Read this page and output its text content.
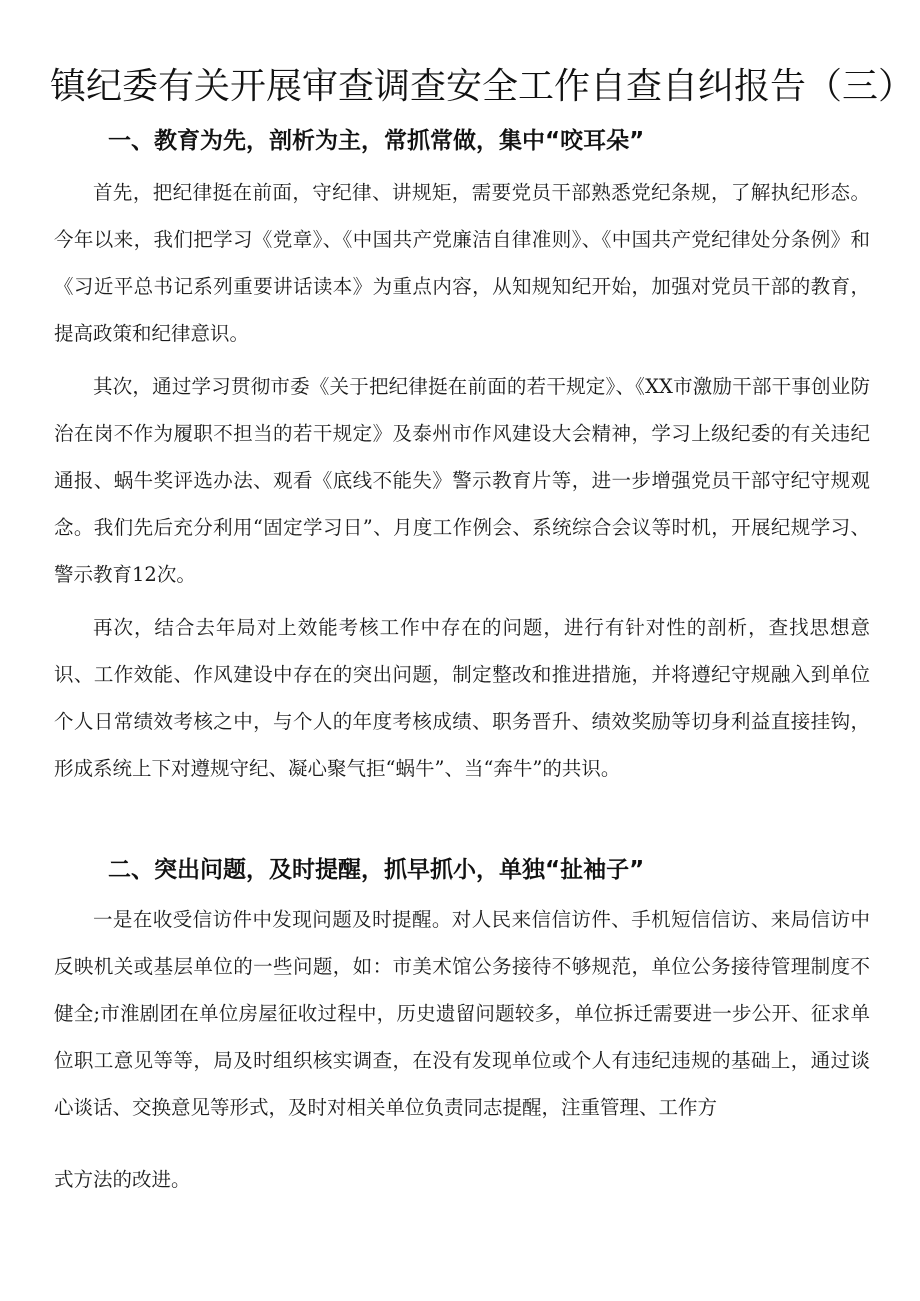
镇纪委有关开展审查调查安全工作自查自纠报告（三）
一、教育为先，剖析为主，常抓常做，集中“咬耳朵”

首先，把纪律挺在前面，守纪律、讲规矩，需要党员干部熟悉党纪条规，了解执纪形态。今年以来，我们把学习《党章》、《中国共产党廉洁自律准则》、《中国共产党纪律处分条例》和《习近平总书记系列重要讲话读本》为重点内容，从知规知纪开始，加强对党员干部的教育，提高政策和纪律意识。

其次，通过学习贯彻市委《关于把纪律挺在前面的若干规定》、《XX市激励干部干事创业防治在岗不作为履职不担当的若干规定》及泰州市作风建设大会精神，学习上级纪委的有关违纪通报、蜗牛奖评选办法、观看《底线不能失》警示教育片等，进一步增强党员干部守纪守规观念。我们先后充分利用“固定学习日”、月度工作例会、系统综合会议等时机，开展纪规学习、警示教育12次。

再次，结合去年局对上效能考核工作中存在的问题，进行有针对性的剖析，查找思想意识、工作效能、作风建设中存在的突出问题，制定整改和推进措施，并将遵纪守规融入到单位个人日常绩效考核之中，与个人的年度考核成绩、职务晋升、绩效奖励等切身利益直接挂钩，形成系统上下对遵规守纪、凝心聚气拒“蜗牛”、当“奔牛”的共识。

二、突出问题，及时提醒，抓早抓小，单独“扯袖子”

一是在收受信访件中发现问题及时提醒。对人民来信信访件、手机短信信访、来局信访中反映机关或基层单位的一些问题，如：市美术馆公务接待不够规范，单位公务接待管理制度不健全;市淮剧团在单位房屋征收过程中，历史遗留问题较多，单位拆迁需要进一步公开、征求单位职工意见等等，局及时组织核实调查，在没有发现单位或个人有违纪违规的基础上，通过谈心谈话、交换意见等形式，及时对相关单位负责同志提醒，注重管理、工作方

式方法的改进。
